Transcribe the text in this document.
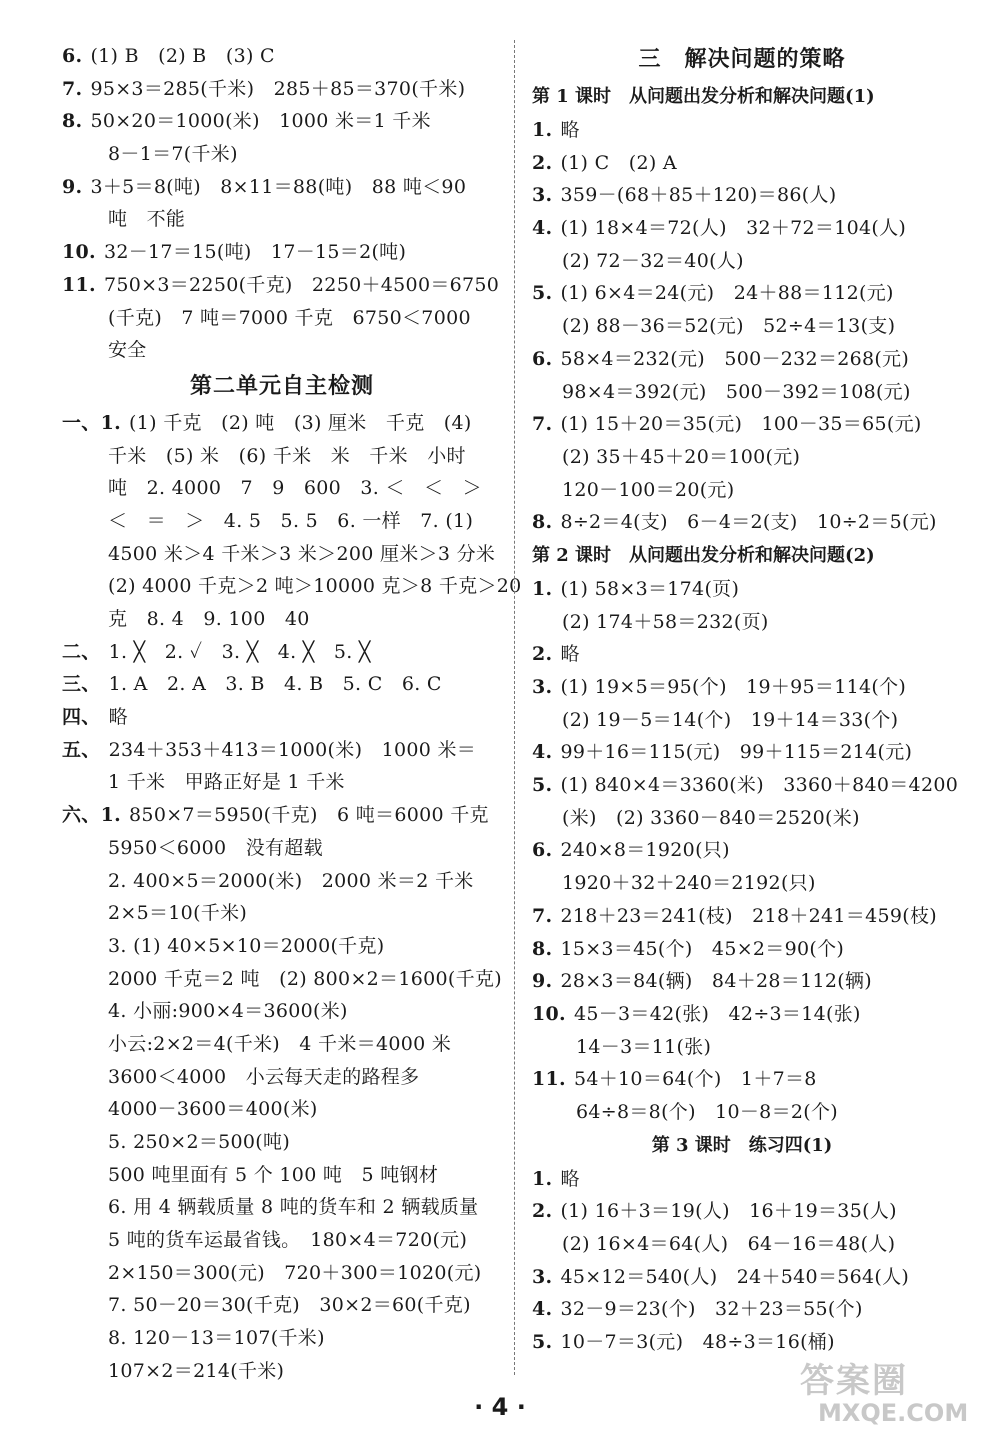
6. (1) B　(2) B　(3) C
7. 95×3＝285(千米)　285＋85＝370(千米)
8. 50×20＝1000(米)　1000 米＝1 千米
8－1＝7(千米)
9. 3＋5＝8(吨)　8×11＝88(吨)　88 吨＜90
吨　不能
10. 32－17＝15(吨)　17－15＝2(吨)
11. 750×3＝2250(千克)　2250＋4500＝6750
(千克)　7 吨＝7000 千克　6750＜7000
安全
第二单元自主检测
一、1. (1) 千克　(2) 吨　(3) 厘米　千克　(4)
千米　(5) 米　(6) 千米　米　千米　小时
吨　2. 4000　7　9　600　3. ＜　＜　＞
＜　＝　＞　4. 5　5. 5　6. 一样　7. (1)
4500 米＞4 千米＞3 米＞200 厘米＞3 分米
(2) 4000 千克＞2 吨＞10000 克＞8 千克＞20
克　8. 4　9. 100　40
二、 1. ╳　2. ✓　3. ╳　4. ╳　5. ╳
三、 1. A　2. A　3. B　4. B　5. C　6. C
四、 略
五、 234＋353＋413＝1000(米)　1000 米＝
1 千米　甲路正好是 1 千米
六、1. 850×7＝5950(千克)　6 吨＝6000 千克
5950＜6000　没有超载
2. 400×5＝2000(米)　2000 米＝2 千米
2×5＝10(千米)
3. (1) 40×5×10＝2000(千克)
2000 千克＝2 吨　(2) 800×2＝1600(千克)
4. 小丽:900×4＝3600(米)
小云:2×2＝4(千米)　4 千米＝4000 米
3600＜4000　小云每天走的路程多
4000－3600＝400(米)
5. 250×2＝500(吨)
500 吨里面有 5 个 100 吨　5 吨钢材
6. 用 4 辆载质量 8 吨的货车和 2 辆载质量
5 吨的货车运最省钱。　180×4＝720(元)
2×150＝300(元)　720＋300＝1020(元)
7. 50－20＝30(千克)　30×2＝60(千克)
8. 120－13＝107(千米)
107×2＝214(千米)
三　解决问题的策略
第 1 课时　从问题出发分析和解决问题(1)
1. 略
2. (1) C　(2) A
3. 359－(68＋85＋120)＝86(人)
4. (1) 18×4＝72(人)　32＋72＝104(人)
(2) 72－32＝40(人)
5. (1) 6×4＝24(元)　24＋88＝112(元)
(2) 88－36＝52(元)　52÷4＝13(支)
6. 58×4＝232(元)　500－232＝268(元)
98×4＝392(元)　500－392＝108(元)
7. (1) 15＋20＝35(元)　100－35＝65(元)
(2) 35＋45＋20＝100(元)
120－100＝20(元)
8. 8÷2＝4(支)　6－4＝2(支)　10÷2＝5(元)
第 2 课时　从问题出发分析和解决问题(2)
1. (1) 58×3＝174(页)
(2) 174＋58＝232(页)
2. 略
3. (1) 19×5＝95(个)　19＋95＝114(个)
(2) 19－5＝14(个)　19＋14＝33(个)
4. 99＋16＝115(元)　99＋115＝214(元)
5. (1) 840×4＝3360(米)　3360＋840＝4200
(米)　(2) 3360－840＝2520(米)
6. 240×8＝1920(只)
1920＋32＋240＝2192(只)
7. 218＋23＝241(枝)　218＋241＝459(枝)
8. 15×3＝45(个)　45×2＝90(个)
9. 28×3＝84(辆)　84＋28＝112(辆)
10. 45－3＝42(张)　42÷3＝14(张)
14－3＝11(张)
11. 54＋10＝64(个)　1＋7＝8
64÷8＝8(个)　10－8＝2(个)
第 3 课时　练习四(1)
1. 略
2. (1) 16＋3＝19(人)　16＋19＝35(人)
(2) 16×4＝64(人)　64－16＝48(人)
3. 45×12＝540(人)　24＋540＝564(人)
4. 32－9＝23(个)　32＋23＝55(个)
5. 10－7＝3(元)　48÷3＝16(桶)
· 4 ·
答案圈
MXQE.COM
